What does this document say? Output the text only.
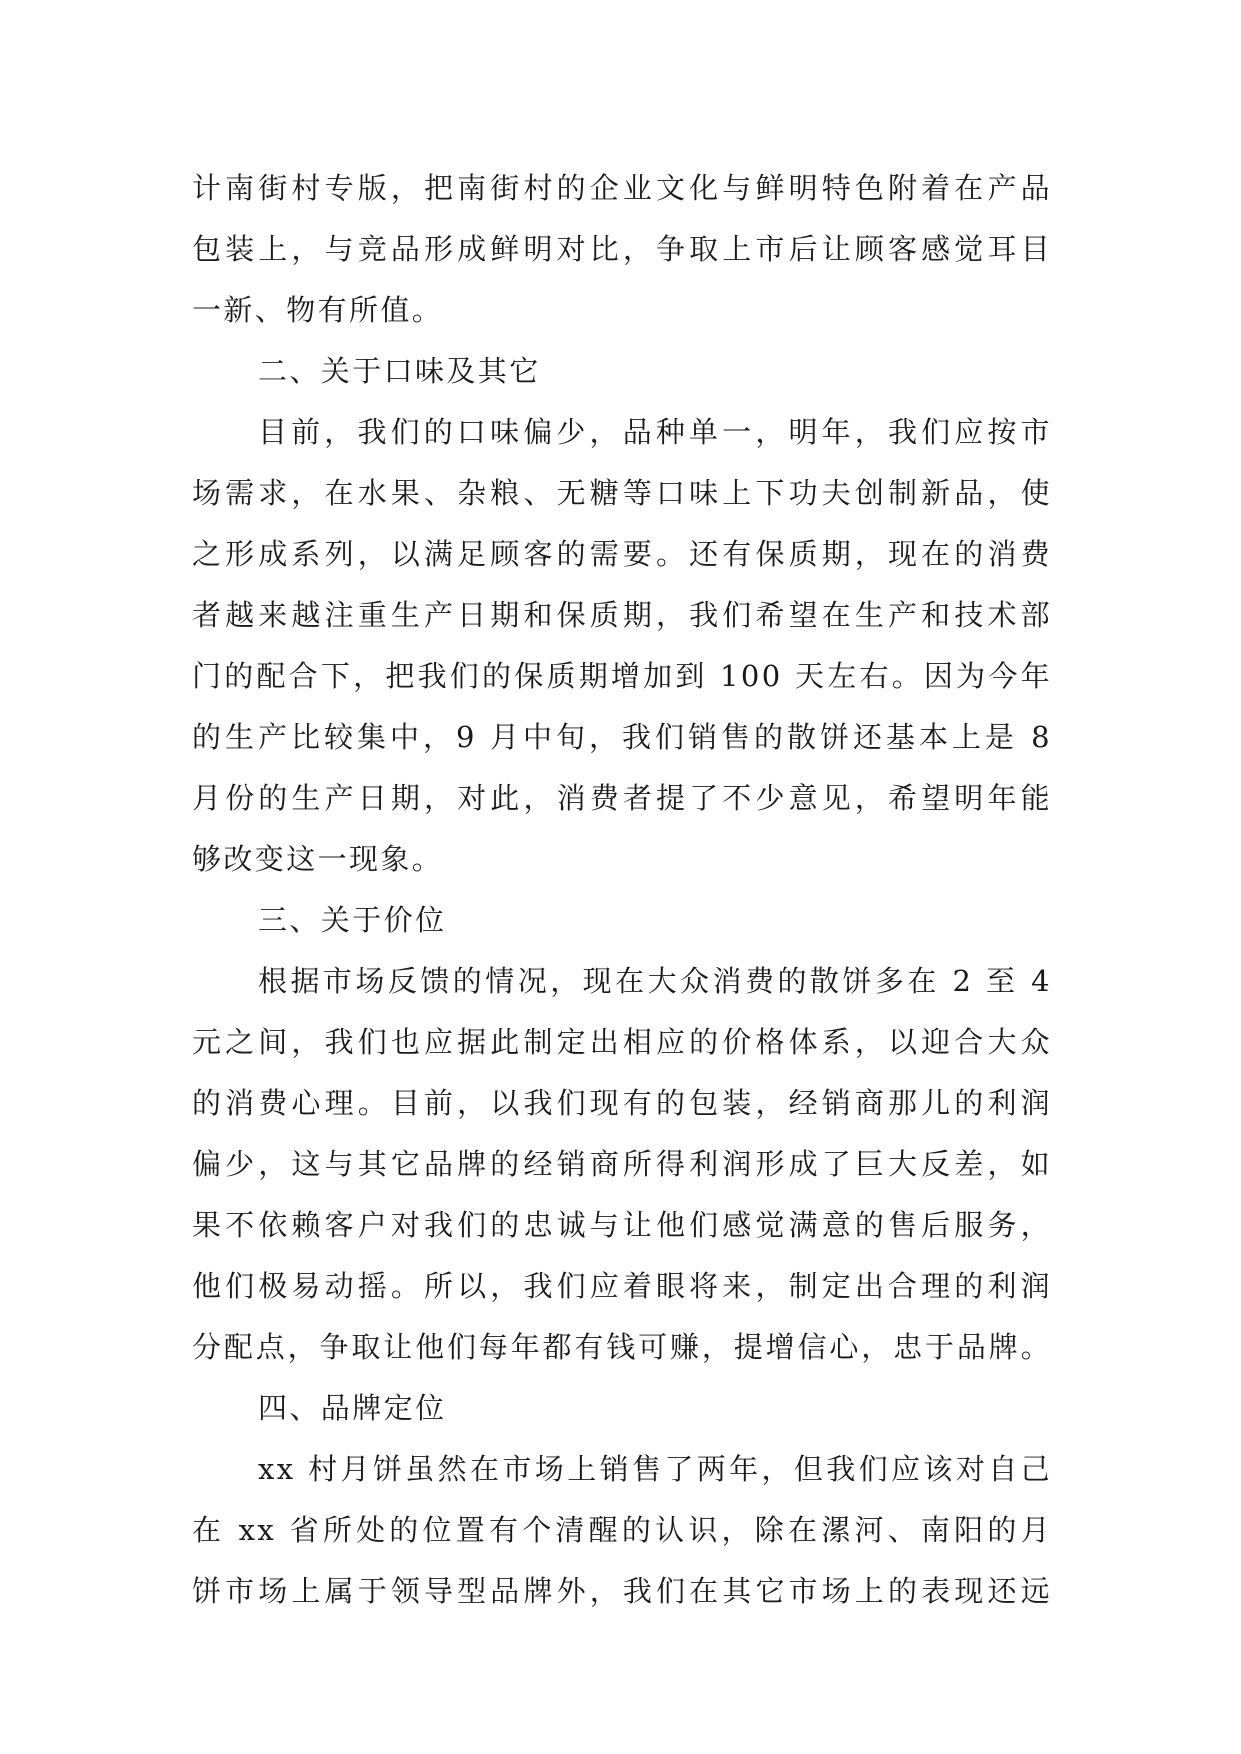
计南街村专版，把南街村的企业文化与鲜明特色附着在产品

包装上，与竞品形成鲜明对比，争取上市后让顾客感觉耳目

一新、物有所值。

二、关于口味及其它

目前，我们的口味偏少，品种单一，明年，我们应按市

场需求，在水果、杂粮、无糖等口味上下功夫创制新品，使

之形成系列，以满足顾客的需要。还有保质期，现在的消费

者越来越注重生产日期和保质期，我们希望在生产和技术部

门的配合下，把我们的保质期增加到 100 天左右。因为今年

的生产比较集中，9 月中旬，我们销售的散饼还基本上是 8

月份的生产日期，对此，消费者提了不少意见，希望明年能

够改变这一现象。

三、关于价位

根据市场反馈的情况，现在大众消费的散饼多在 2 至 4

元之间，我们也应据此制定出相应的价格体系，以迎合大众

的消费心理。目前，以我们现有的包装，经销商那儿的利润

偏少，这与其它品牌的经销商所得利润形成了巨大反差，如

果不依赖客户对我们的忠诚与让他们感觉满意的售后服务，

他们极易动摇。所以，我们应着眼将来，制定出合理的利润

分配点，争取让他们每年都有钱可赚，提增信心，忠于品牌。

四、品牌定位

xx 村月饼虽然在市场上销售了两年，但我们应该对自己

在 xx 省所处的位置有个清醒的认识，除在漯河、南阳的月

饼市场上属于领导型品牌外，我们在其它市场上的表现还远
